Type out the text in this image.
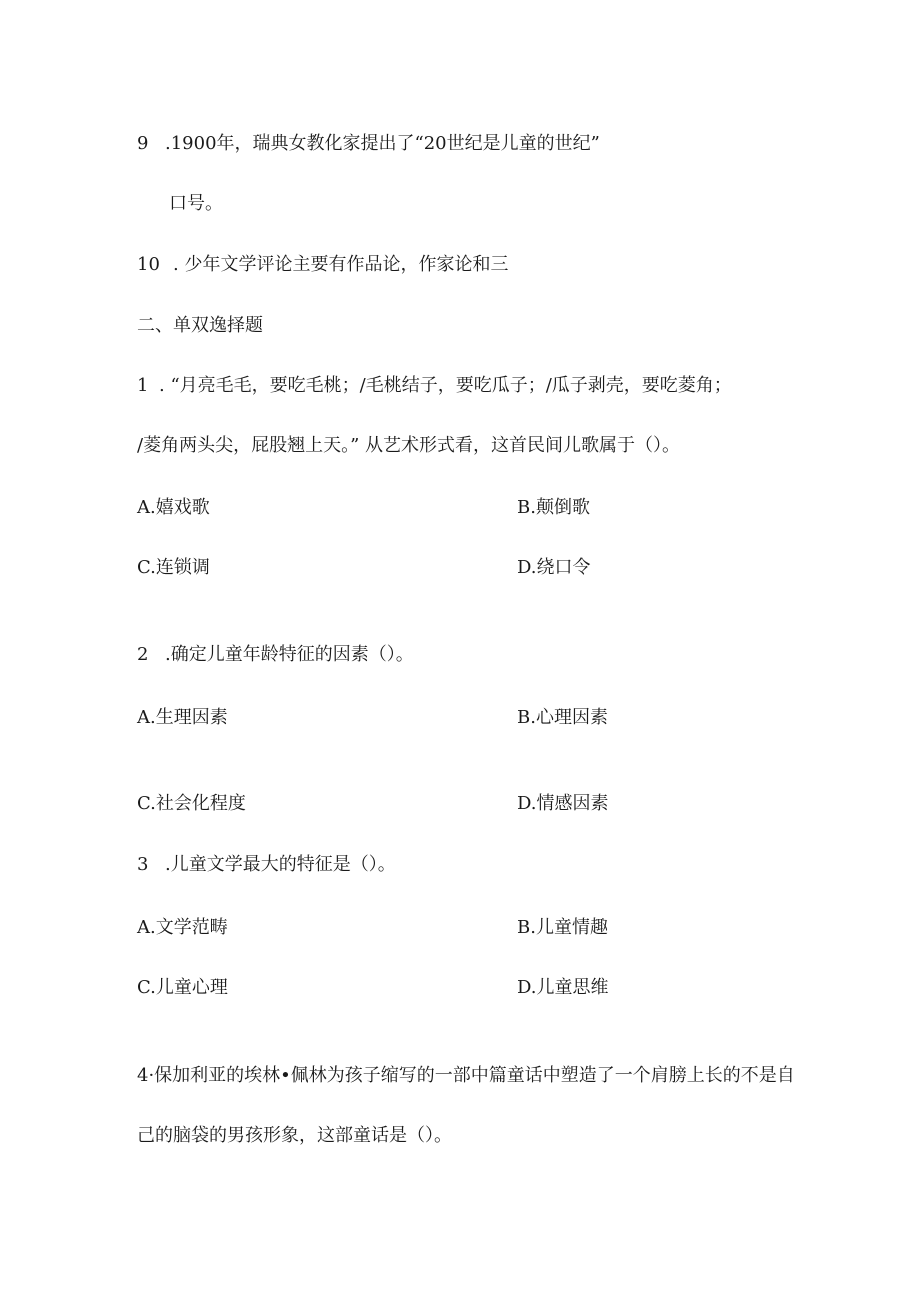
9 .1900年，瑞典女教化家提出了“20世纪是儿童的世纪”
口号。
10 . 少年文学评论主要有作品论，作家论和三
二、单双逸择题
1 . “月亮毛毛，要吃毛桃；/毛桃结子，要吃瓜子；/瓜子剥壳，要吃菱角；
/菱角两头尖，屁股翘上天。” 从艺术形式看，这首民间儿歌属于（）。
A.嬉戏歌	B.颠倒歌
C.连锁调	D.绕口令
2 .确定儿童年龄特征的因素（）。
A.生理因素	B.心理因素
C.社会化程度	D.情感因素
3 .儿童文学最大的特征是（）。
A.文学范畴	B.儿童情趣
C.儿童心理	D.儿童思维
4·保加利亚的埃林•佩林为孩子缩写的一部中篇童话中塑造了一个肩膀上长的不是自
己的脑袋的男孩形象，这部童话是（）。
